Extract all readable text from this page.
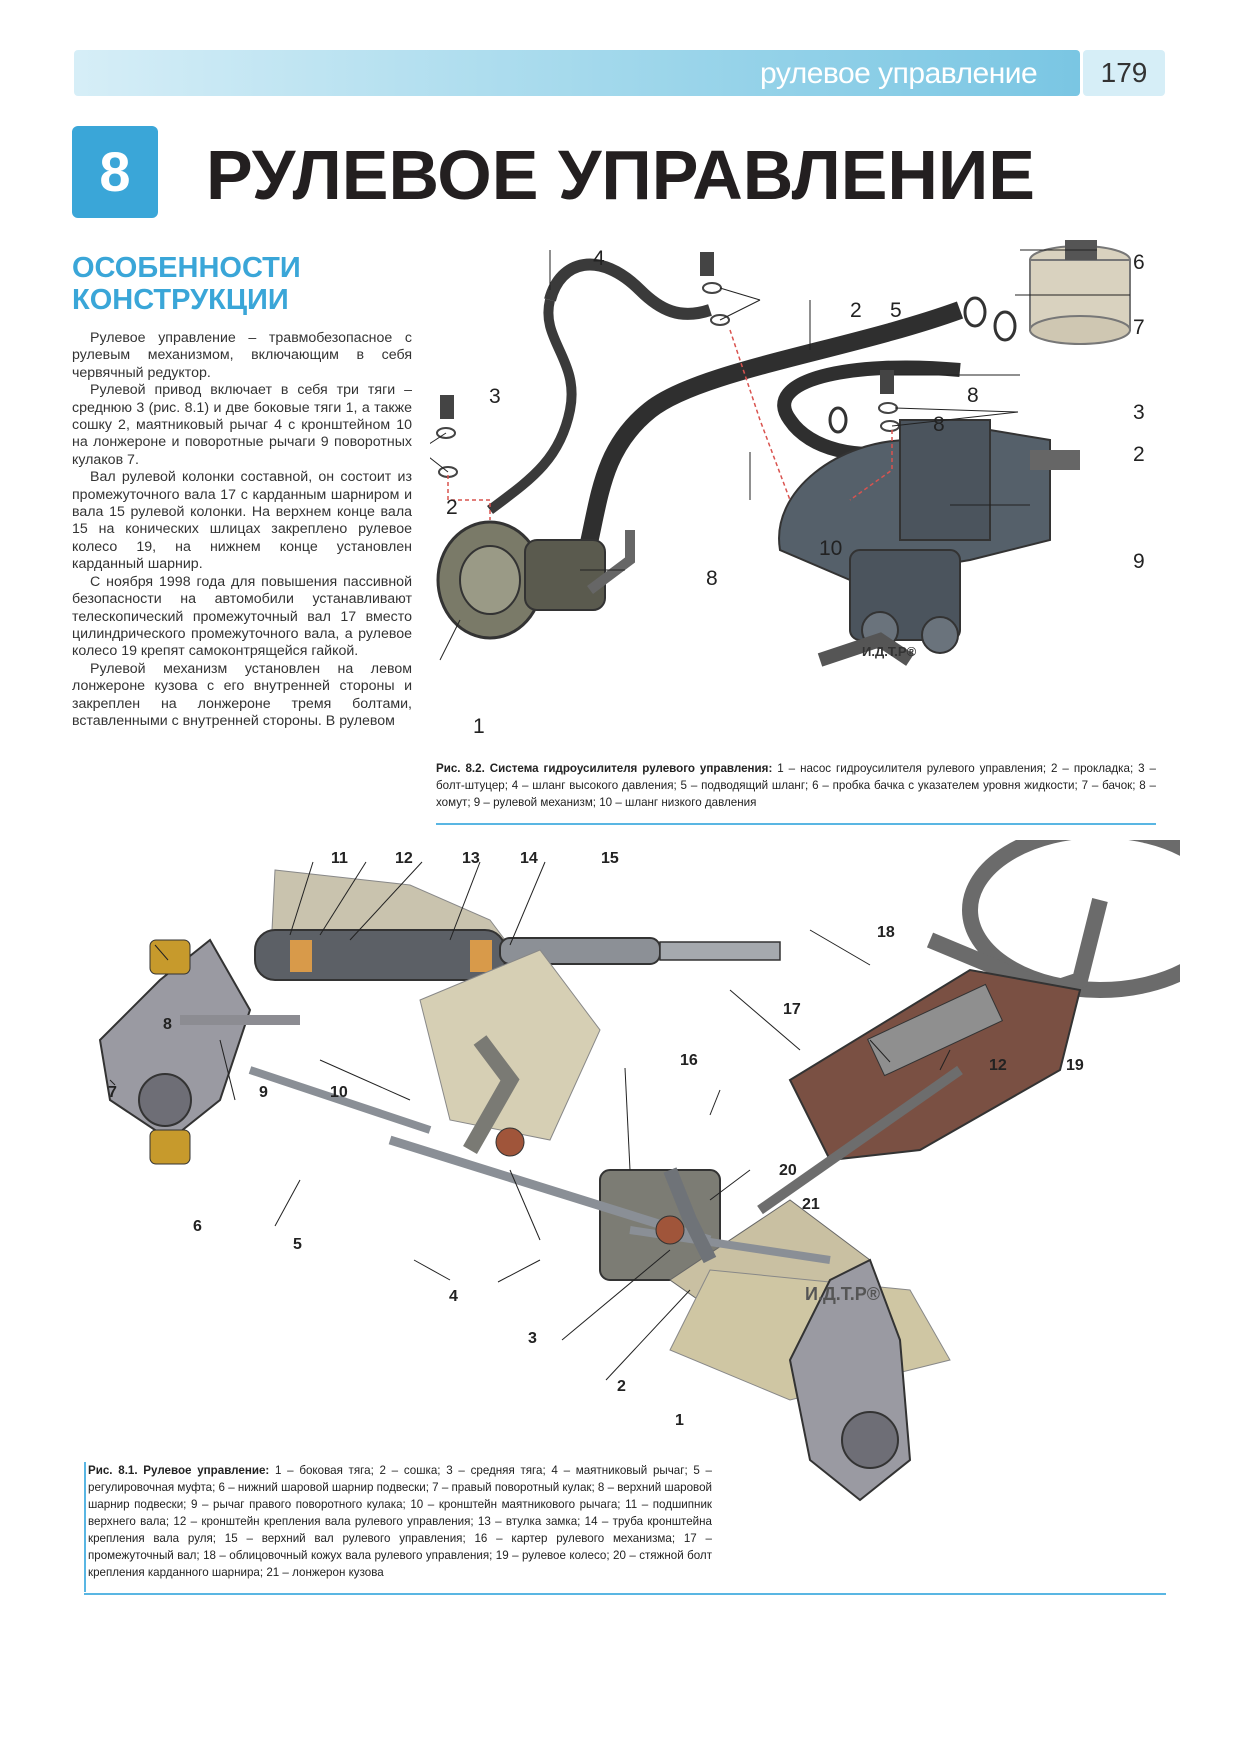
рулевое управление	179
8	РУЛЕВОЕ УПРАВЛЕНИЕ
ОСОБЕННОСТИ
КОНСТРУКЦИИ

Рулевое управление – травмобезопасное с рулевым механизмом, включающим в себя червячный редуктор.

Рулевой привод включает в себя три тяги – среднюю 3 (рис. 8.1) и две боковые тяги 1, а также сошку 2, маятниковый рычаг 4 с кронштейном 10 на лонжероне и поворотные рычаги 9 поворотных кулаков 7.

Вал рулевой колонки составной, он состоит из промежуточного вала 17 с карданным шарниром и вала 15 рулевой колонки. На верхнем конце вала 15 на конических шлицах закреплено рулевое колесо 19, на нижнем конце установлен карданный шарнир.

С ноября 1998 года для повышения пассивной безопасности на автомобили устанавливают телескопический промежуточный вал 17 вместо цилиндрического промежуточного вала, а рулевое колесо 19 крепят самоконтрящейся гайкой.

Рулевой механизм установлен на левом лонжероне кузова с его внутренней стороны и закреплен на лонжероне тремя болтами, вставленными с внутренней стороны. В рулевом

4
2 5
6
7
3
2
8
8
3
2
10
9
8
1
И.Д.Т.Р®
Рис. 8.2. Система гидроусилителя рулевого управления: 1 – насос гидроусилителя рулевого управления; 2 – прокладка; 3 – болт-штуцер; 4 – шланг высокого давления; 5 – подводящий шланг; 6 – пробка бачка с указателем уровня жидкости; 7 – бачок; 8 – хомут; 9 – рулевой механизм; 10 – шланг низкого давления
11	12	13	14	15
18
17
12	19
8
7	9	10
16
20
21
5
6
4
3
2
1
И.Д.Т.Р®
Рис. 8.1. Рулевое управление: 1 – боковая тяга; 2 – сошка; 3 – средняя тяга; 4 – маятниковый рычаг; 5 – регулировочная муфта; 6 – нижний шаровой шарнир подвески; 7 – правый поворотный кулак; 8 – верхний шаровой шарнир подвески; 9 – рычаг правого поворотного кулака; 10 – кронштейн маятникового рычага; 11 – подшипник верхнего вала; 12 – кронштейн крепления вала рулевого управления; 13 – втулка замка; 14 – труба кронштейна крепления вала руля; 15 – верхний вал рулевого управления; 16 – картер рулевого механизма; 17 – промежуточный вал; 18 – облицовочный кожух вала рулевого управления; 19 – рулевое колесо; 20 – стяжной болт крепления карданного шарнира; 21 – лонжерон кузова
